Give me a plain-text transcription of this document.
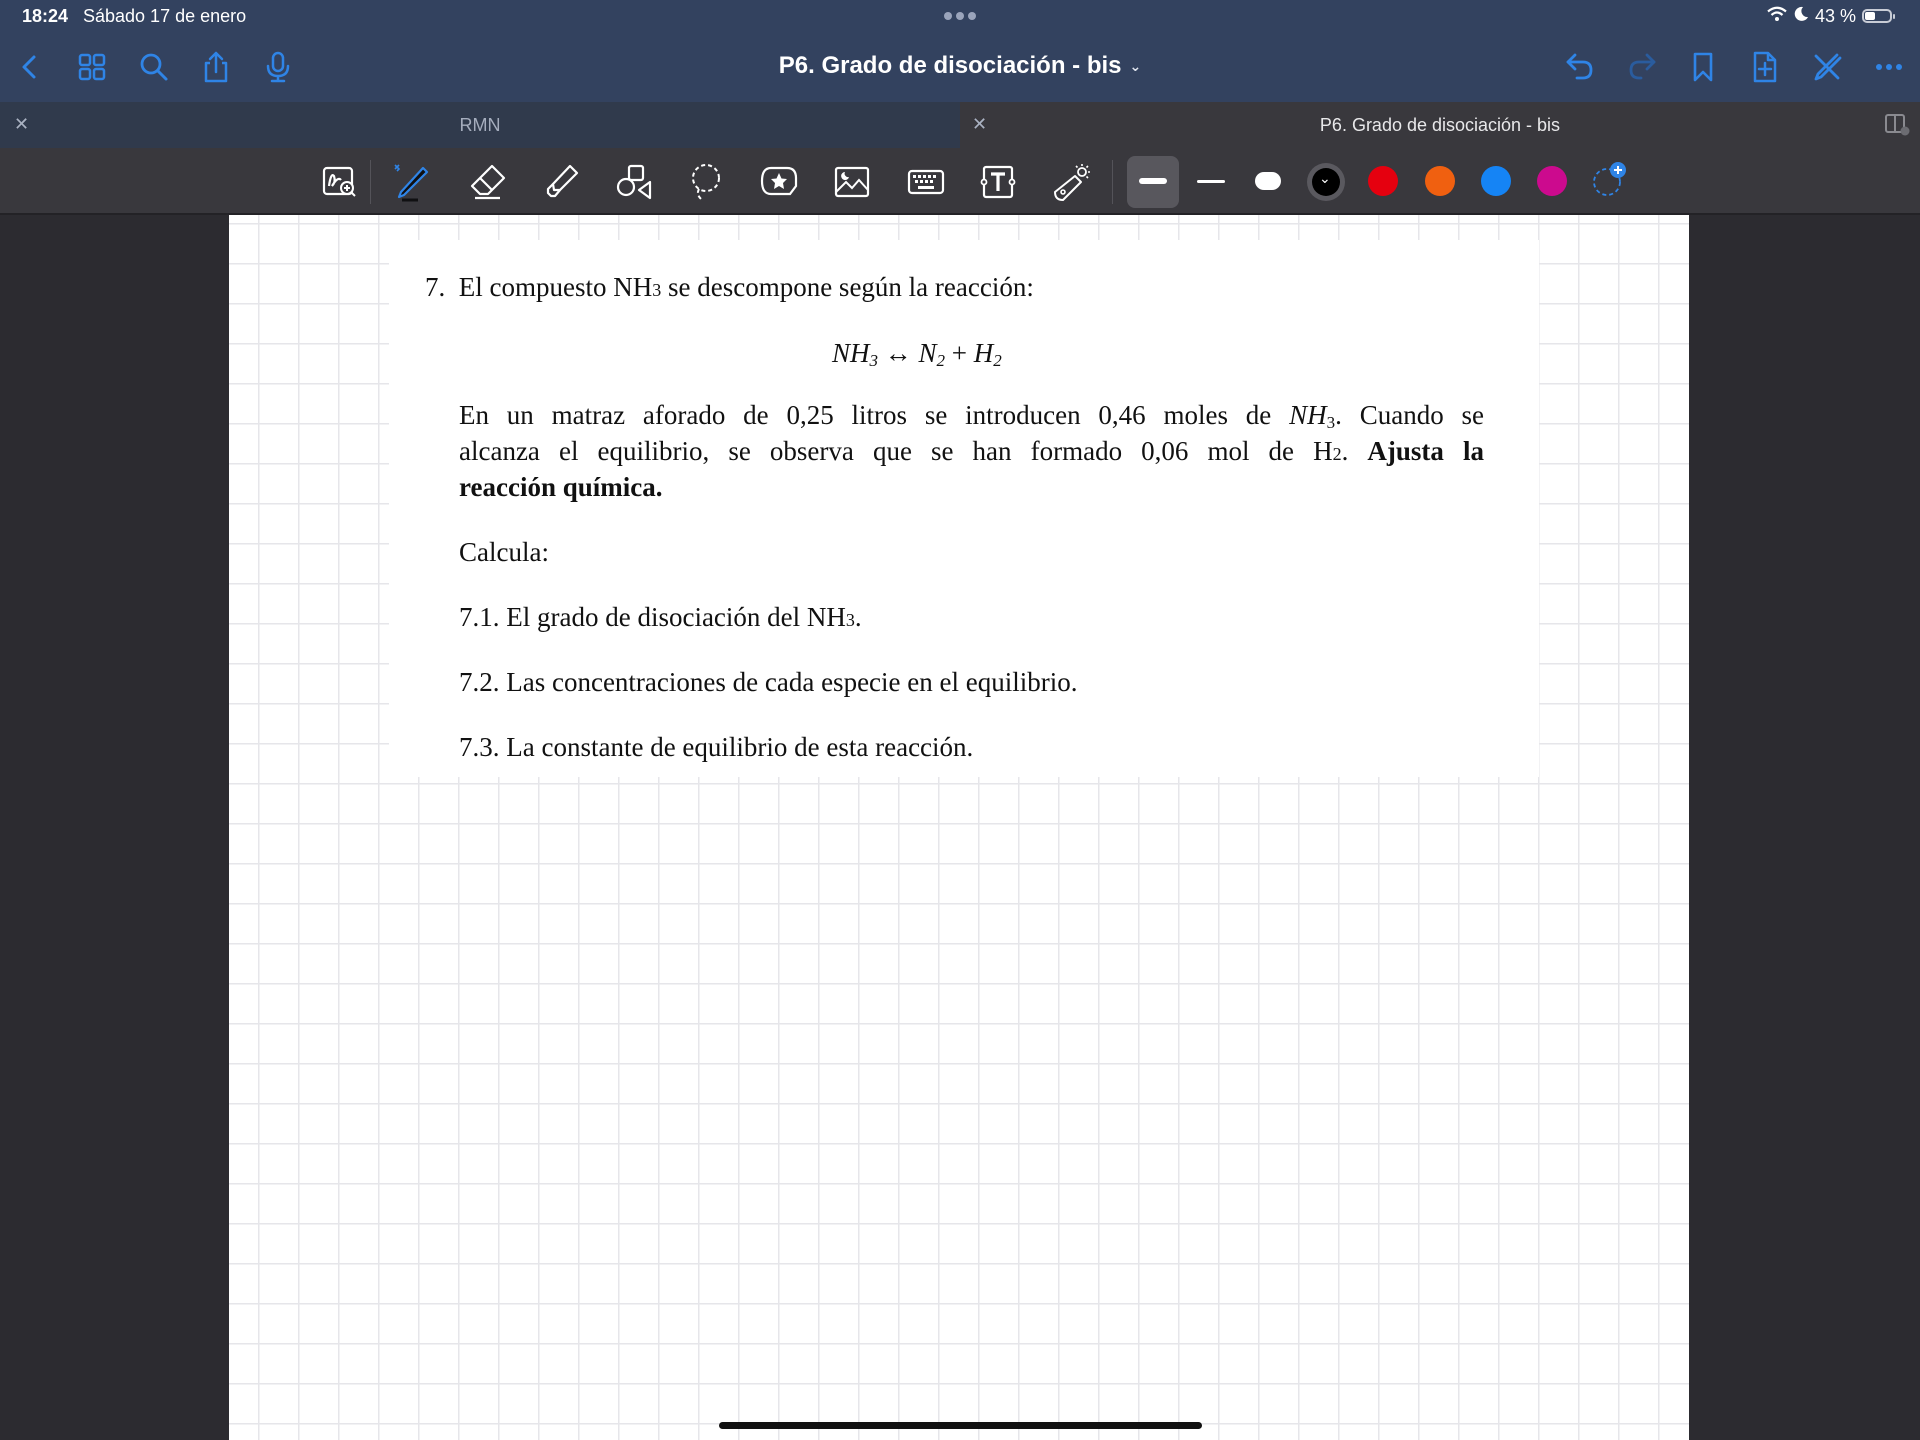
18:24 Sábado 17 de enero	43 %
P6. Grado de disociación - bis ⌄
RMN
✕	P6. Grado de disociación - bis
✕
⌄
7. El compuesto NH3 se descompone según la reacción:
$NH_3$ ↔ $N_2 + H_2$
En un matraz aforado de 0,25 litros se introducen 0,46 moles de $NH_3$. Cuando se
alcanza el equilibrio, se observa que se han formado 0,06 mol de H2. Ajusta la
reacción química.
Calcula:
7.1. El grado de disociación del NH3.
7.2. Las concentraciones de cada especie en el equilibrio.
7.3. La constante de equilibrio de esta reacción.
